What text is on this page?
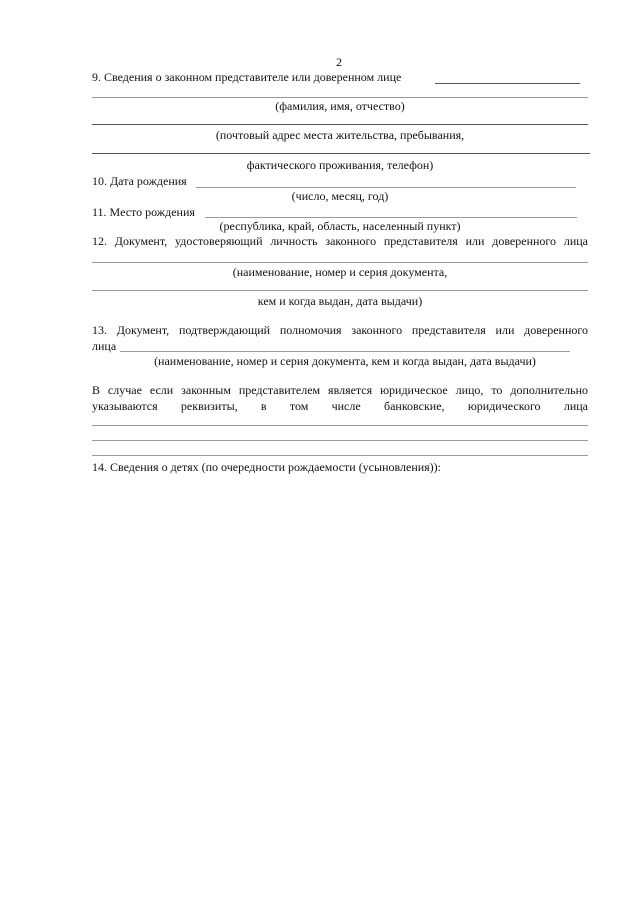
2
9. Сведения о законном представителе или доверенном лице
(фамилия, имя, отчество)
(почтовый адрес места жительства, пребывания,
фактического проживания, телефон)
10. Дата рождения
(число, месяц, год)
11. Место рождения
(республика, край, область, населенный пункт)
12. Документ, удостоверяющий личность законного представителя или доверенного лица
(наименование, номер и серия документа,
кем и когда выдан, дата выдачи)
13. Документ, подтверждающий полномочия законного представителя или доверенного
лица
(наименование, номер и серия документа, кем и когда выдан, дата выдачи)
В случае если законным представителем является юридическое лицо, то дополнительно
указываются реквизиты, в том числе банковские, юридического лица
14. Сведения о детях (по очередности рождаемости (усыновления)):
